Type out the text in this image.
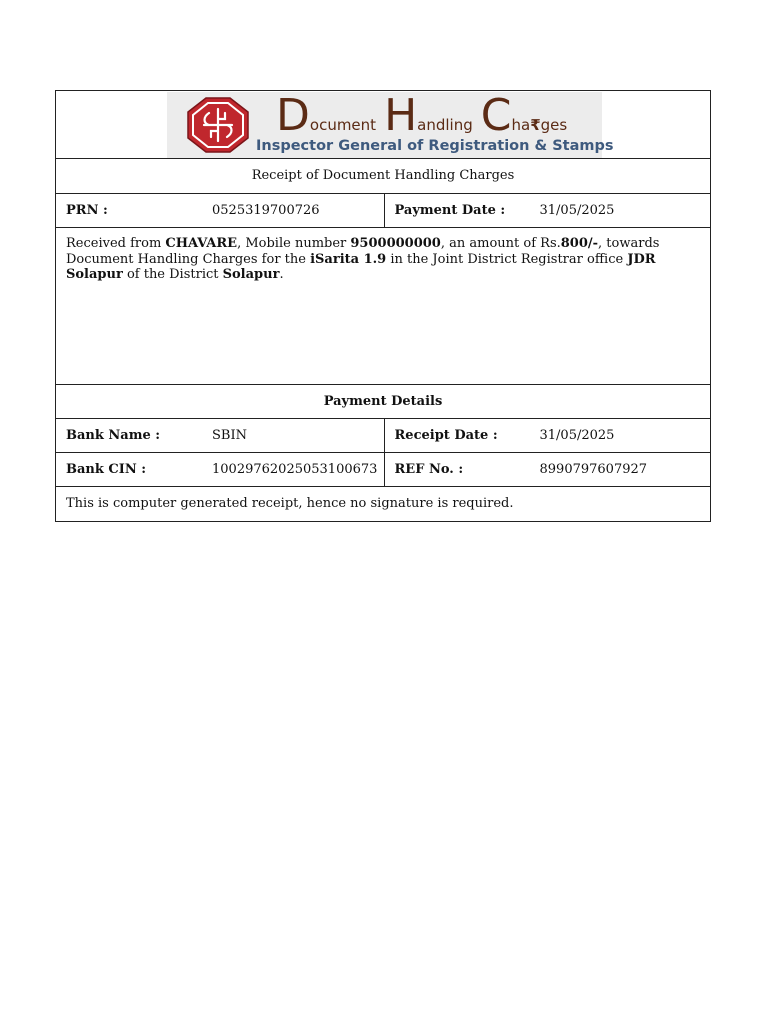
Document Handling Cha₹ges
Inspector General of Registration & Stamps
Receipt of Document Handling Charges
PRN :	0525319700726	Payment Date :	31/05/2025
Received from CHAVARE, Mobile number 9500000000, an amount of Rs.800/-, towards Document Handling Charges for the iSarita 1.9 in the Joint District Registrar office JDR Solapur of the District Solapur.
Payment Details
Bank Name :	SBIN	Receipt Date :	31/05/2025
Bank CIN :	10029762025053100673 REF No. :	8990797607927
This is computer generated receipt, hence no signature is required.
